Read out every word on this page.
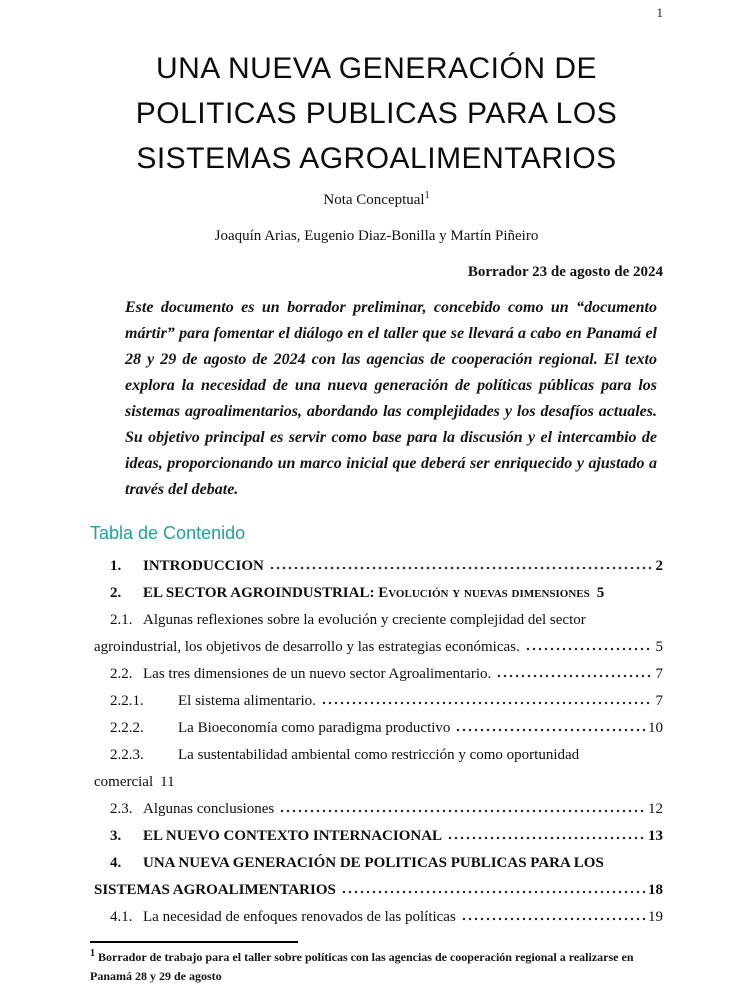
1
UNA NUEVA GENERACIÓN DE
POLITICAS PUBLICAS PARA LOS
SISTEMAS AGROALIMENTARIOS
Nota Conceptual$^1$
Joaquín Arias, Eugenio Diaz-Bonilla y Martín Piñeiro
Borrador 23 de agosto de 2024

Este documento es un borrador preliminar, concebido como un “documento mártir” para fomentar el diálogo en el taller que se llevará a cabo en Panamá el 28 y 29 de agosto de 2024 con las agencias de cooperación regional. El texto explora la necesidad de una nueva generación de políticas públicas para los sistemas agroalimentarios, abordando las complejidades y los desafíos actuales. Su objetivo principal es servir como base para la discusión y el intercambio de ideas, proporcionando un marco inicial que deberá ser enriquecido y ajustado a través del debate.

Tabla de Contenido
1.	INTRODUCCION	2
2. EL SECTOR AGROINDUSTRIAL: Evolución y nuevas dimensiones 5
2.1. Algunas reflexiones sobre la evolución y creciente complejidad del sector
agroindustrial, los objetivos de desarrollo y las estrategias económicas.	5
2.2. Las tres dimensiones de un nuevo sector Agroalimentario.	7
2.2.1.	El sistema alimentario.	7
2.2.2.	La Bioeconomía como paradigma productivo	10
2.2.3. La sustentabilidad ambiental como restricción y como oportunidad
comercial 11
2.3. Algunas conclusiones	12
3.	EL NUEVO CONTEXTO INTERNACIONAL	13
4. UNA NUEVA GENERACIÓN DE POLITICAS PUBLICAS PARA LOS
SISTEMAS AGROALIMENTARIOS	18
4.1. La necesidad de enfoques renovados de las políticas	19

$^1$ Borrador de trabajo para el taller sobre políticas con las agencias de cooperación regional a realizarse en Panamá 28 y 29 de agosto
